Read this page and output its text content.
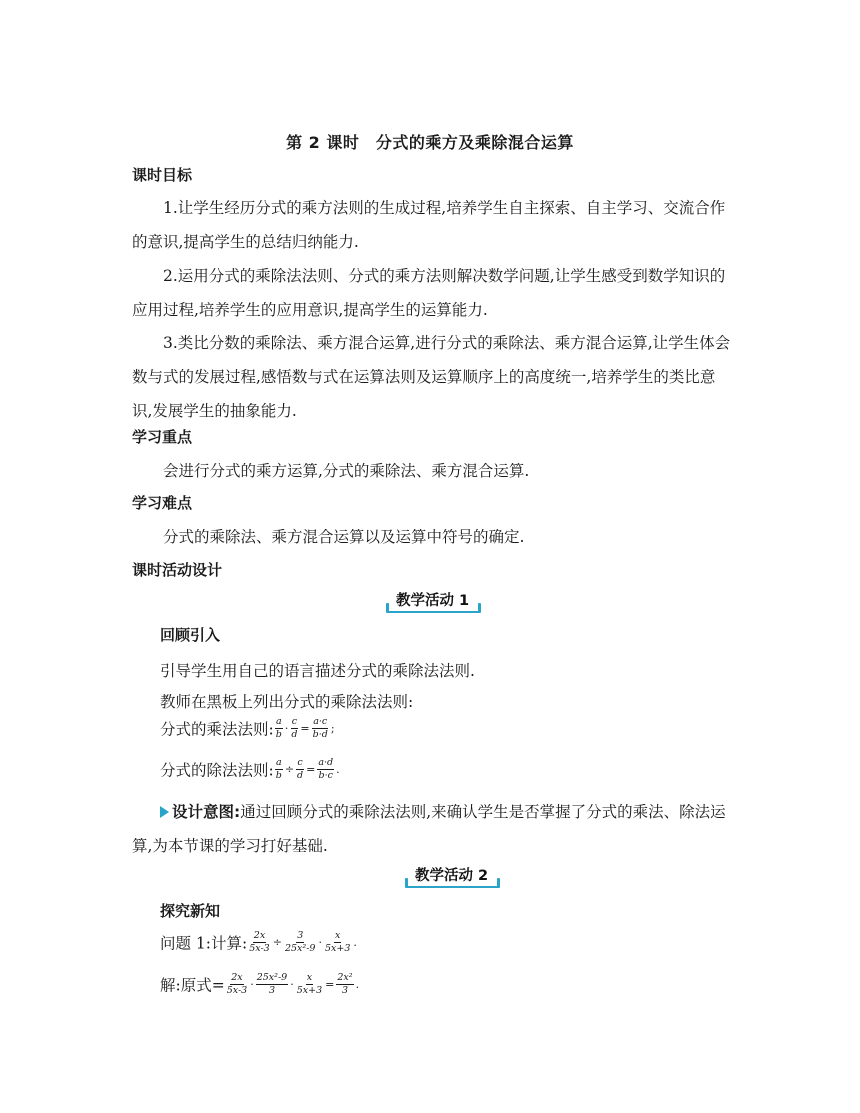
第 2 课时　分式的乘方及乘除混合运算
课时目标
1.让学生经历分式的乘方法则的生成过程,培养学生自主探索、自主学习、交流合作的意识,提高学生的总结归纳能力.
2.运用分式的乘除法法则、分式的乘方法则解决数学问题,让学生感受到数学知识的应用过程,培养学生的应用意识,提高学生的运算能力.
3.类比分数的乘除法、乘方混合运算,进行分式的乘除法、乘方混合运算,让学生体会数与式的发展过程,感悟数与式在运算法则及运算顺序上的高度统一,培养学生的类比意识,发展学生的抽象能力.
学习重点
会进行分式的乘方运算,分式的乘除法、乘方混合运算.
学习难点
分式的乘除法、乘方混合运算以及运算中符号的确定.
课时活动设计
教学活动 1
回顾引入
引导学生用自己的语言描述分式的乘除法法则.
教师在黑板上列出分式的乘除法法则:
分式的乘法法则: $\frac{a}{b} \cdot \frac{c}{d} = \frac{a\cdot c}{b\cdot d}$ ;
分式的除法法则: $\frac{a}{b} \div \frac{c}{d} = \frac{a\cdot d}{b\cdot c}$ .
设计意图:通过回顾分式的乘除法法则,来确认学生是否掌握了分式的乘法、除法运算,为本节课的学习打好基础.
教学活动 2
探究新知
问题 1:计算: $\frac{2x}{5x-3} \div \frac{3}{\text{25x²-9}} \cdot \frac{x}{5x+3}$ .
解:原式= $\frac{2x}{5x-3} \cdot \frac{\text{25x²-9}}{3} \cdot \frac{x}{5x+3} = \frac{\text{2x²}}{3}$ .
